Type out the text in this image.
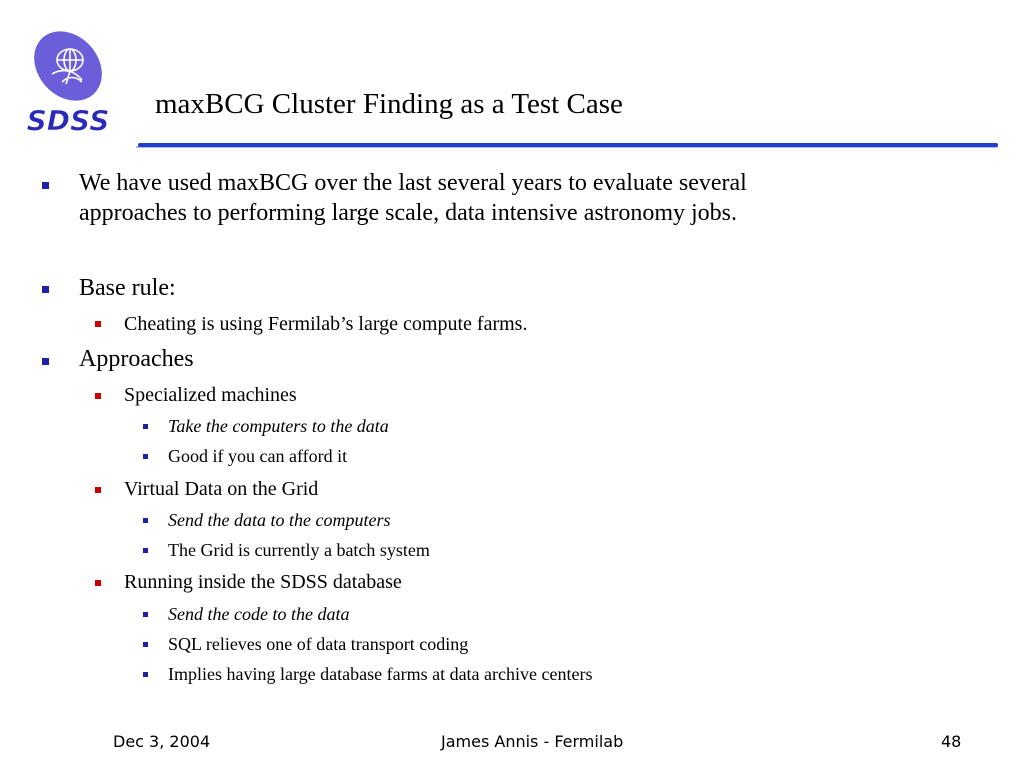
SDSS maxBCG Cluster Finding as a Test Case
We have used maxBCG over the last several years to evaluate several
approaches to performing large scale, data intensive astronomy jobs.
Base rule:
Cheating is using Fermilab’s large compute farms.
Approaches
Specialized machines
Take the computers to the data
Good if you can afford it
Virtual Data on the Grid
Send the data to the computers
The Grid is currently a batch system
Running inside the SDSS database
Send the code to the data
SQL relieves one of data transport coding
Implies having large database farms at data archive centers
Dec 3, 2004	James Annis - Fermilab	48
